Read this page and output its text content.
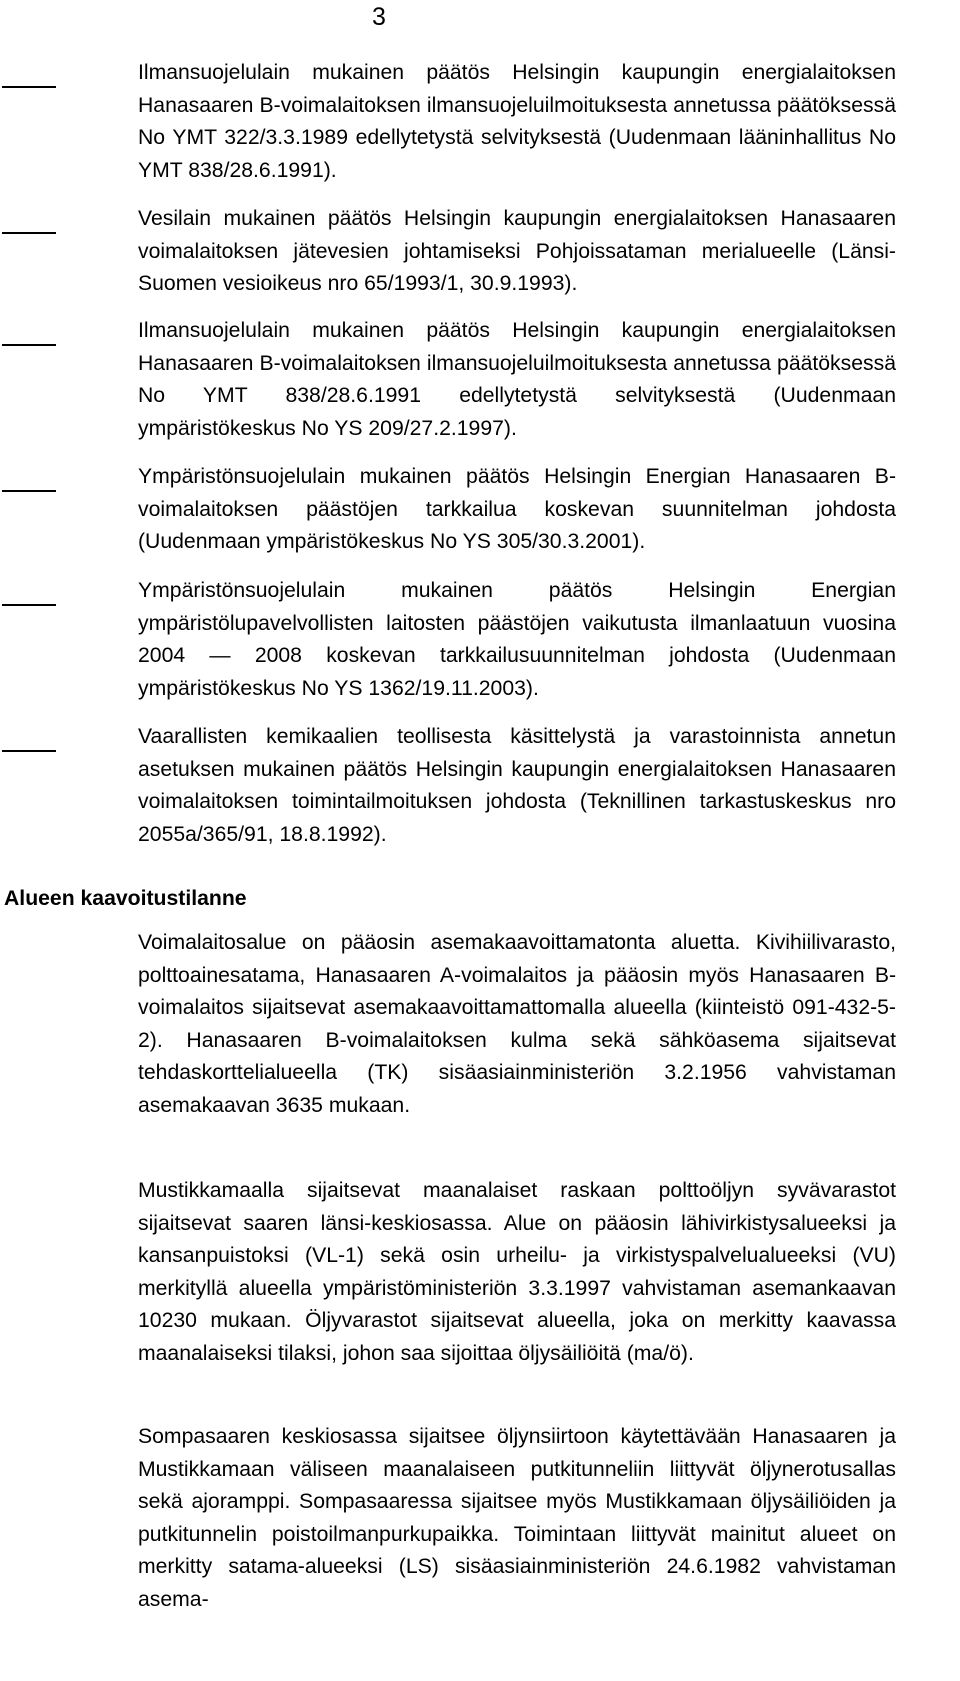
3
Ilmansuojelulain mukainen päätös Helsingin kaupungin energialaitoksen Hanasaaren B-voimalaitoksen ilmansuojeluilmoituksesta annetussa päätöksessä No YMT 322/3.3.1989 edellytetystä selvityksestä (Uudenmaan lääninhallitus No YMT 838/28.6.1991).
Vesilain mukainen päätös Helsingin kaupungin energialaitoksen Hanasaaren voimalaitoksen jätevesien johtamiseksi Pohjoissataman merialueelle (Länsi-Suomen vesioikeus nro 65/1993/1, 30.9.1993).
Ilmansuojelulain mukainen päätös Helsingin kaupungin energialaitoksen Hanasaaren B-voimalaitoksen ilmansuojeluilmoituksesta annetussa päätöksessä No YMT 838/28.6.1991 edellytetystä selvityksestä (Uudenmaan ympäristökeskus No YS 209/27.2.1997).
Ympäristönsuojelulain mukainen päätös Helsingin Energian Hanasaaren B-voimalaitoksen päästöjen tarkkailua koskevan suunnitelman johdosta (Uudenmaan ympäristökeskus No YS 305/30.3.2001).
Ympäristönsuojelulain mukainen päätös Helsingin Energian ympäristölupavelvollisten laitosten päästöjen vaikutusta ilmanlaatuun vuosina 2004 — 2008 koskevan tarkkailusuunnitelman johdosta (Uudenmaan ympäristökeskus No YS 1362/19.11.2003).
Vaarallisten kemikaalien teollisesta käsittelystä ja varastoinnista annetun asetuksen mukainen päätös Helsingin kaupungin energialaitoksen Hanasaaren voimalaitoksen toimintailmoituksen johdosta (Teknillinen tarkastuskeskus nro 2055a/365/91, 18.8.1992).
Alueen kaavoitustilanne
Voimalaitosalue on pääosin asemakaavoittamatonta aluetta. Kivihiilivarasto, polttoainesatama, Hanasaaren A-voimalaitos ja pääosin myös Hanasaaren B-voimalaitos sijaitsevat asemakaavoittamattomalla alueella (kiinteistö 091-432-5-2). Hanasaaren B-voimalaitoksen kulma sekä sähköasema sijaitsevat tehdaskorttelialueella (TK) sisäasiainministeriön 3.2.1956 vahvistaman asemakaavan 3635 mukaan.
Mustikkamaalla sijaitsevat maanalaiset raskaan polttoöljyn syvävarastot sijaitsevat saaren länsi-keskiosassa. Alue on pääosin lähivirkistysalueeksi ja kansanpuistoksi (VL-1) sekä osin urheilu- ja virkistyspalvelualueeksi (VU) merkityllä alueella ympäristöministeriön 3.3.1997 vahvistaman asemankaavan 10230 mukaan. Öljyvarastot sijaitsevat alueella, joka on merkitty kaavassa maanalaiseksi tilaksi, johon saa sijoittaa öljysäiliöitä (ma/ö).
Sompasaaren keskiosassa sijaitsee öljynsiirtoon käytettävään Hanasaaren ja Mustikkamaan väliseen maanalaiseen putkitunneliin liittyvät öljynerotusallas sekä ajoramppi. Sompasaaressa sijaitsee myös Mustikkamaan öljysäiliöiden ja putkitunnelin poistoilmanpurkupaikka. Toimintaan liittyvät mainitut alueet on merkitty satama-alueeksi (LS) sisäasiainministeriön 24.6.1982 vahvistaman asema-
